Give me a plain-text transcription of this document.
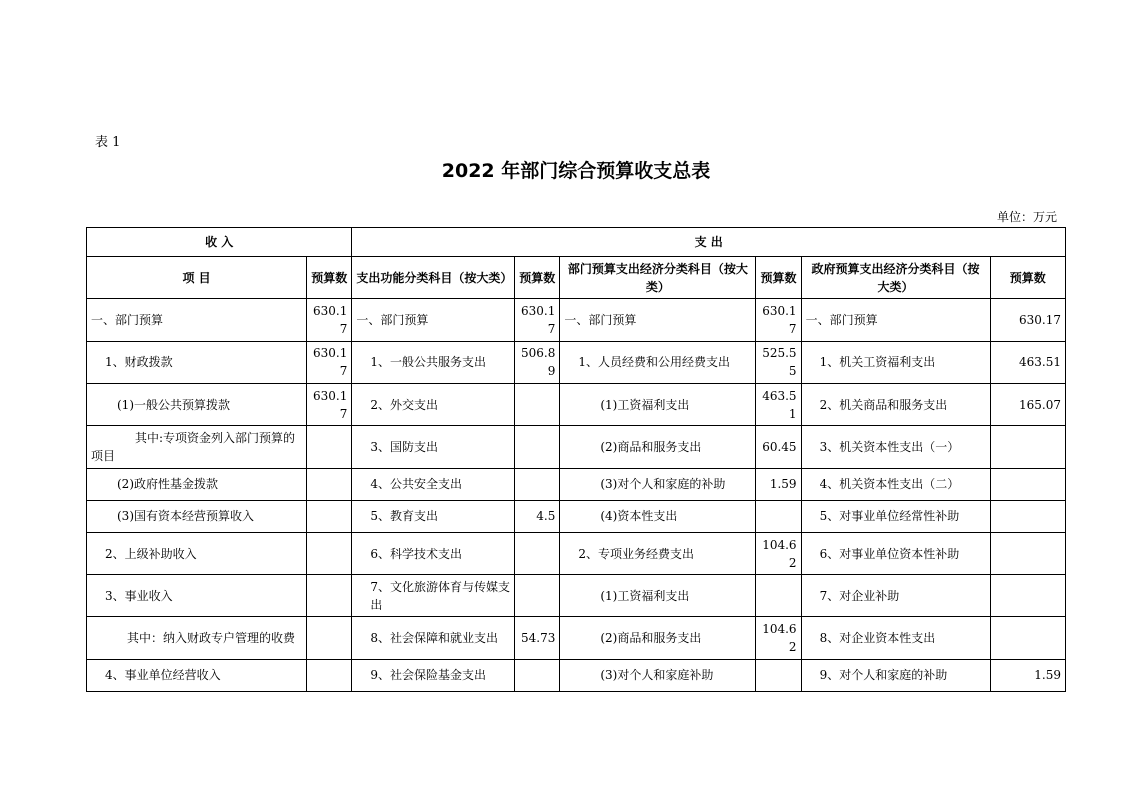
表 1
2022 年部门综合预算收支总表
单位：万元
收 入		支 出					
项 目	预算数	支出功能分类科目（按大类）	预算数	部门预算支出经济分类科目（按大类）	预算数	政府预算支出经济分类科目（按大类）	预算数
一、部门预算	630.17	一、部门预算	630.17	一、部门预算	630.17	一、部门预算	630.17
1、财政拨款	630.17	1、一般公共服务支出	506.89	1、人员经费和公用经费支出	525.55	1、机关工资福利支出	463.51
(1)一般公共预算拨款	630.17	2、外交支出		(1)工资福利支出	463.51	2、机关商品和服务支出	165.07
其中:专项资金列入部门预算的项目		3、国防支出		(2)商品和服务支出	60.45	3、机关资本性支出（一）	
(2)政府性基金拨款		4、公共安全支出		(3)对个人和家庭的补助	1.59	4、机关资本性支出（二）	
(3)国有资本经营预算收入		5、教育支出	4.5	(4)资本性支出		5、对事业单位经常性补助	
2、上级补助收入		6、科学技术支出		2、专项业务经费支出	104.62	6、对事业单位资本性补助	
3、事业收入		7、文化旅游体育与传媒支出		(1)工资福利支出		7、对企业补助	
其中：纳入财政专户管理的收费		8、社会保障和就业支出	54.73	(2)商品和服务支出	104.62	8、对企业资本性支出	
4、事业单位经营收入		9、社会保险基金支出		(3)对个人和家庭补助		9、对个人和家庭的补助	1.59
